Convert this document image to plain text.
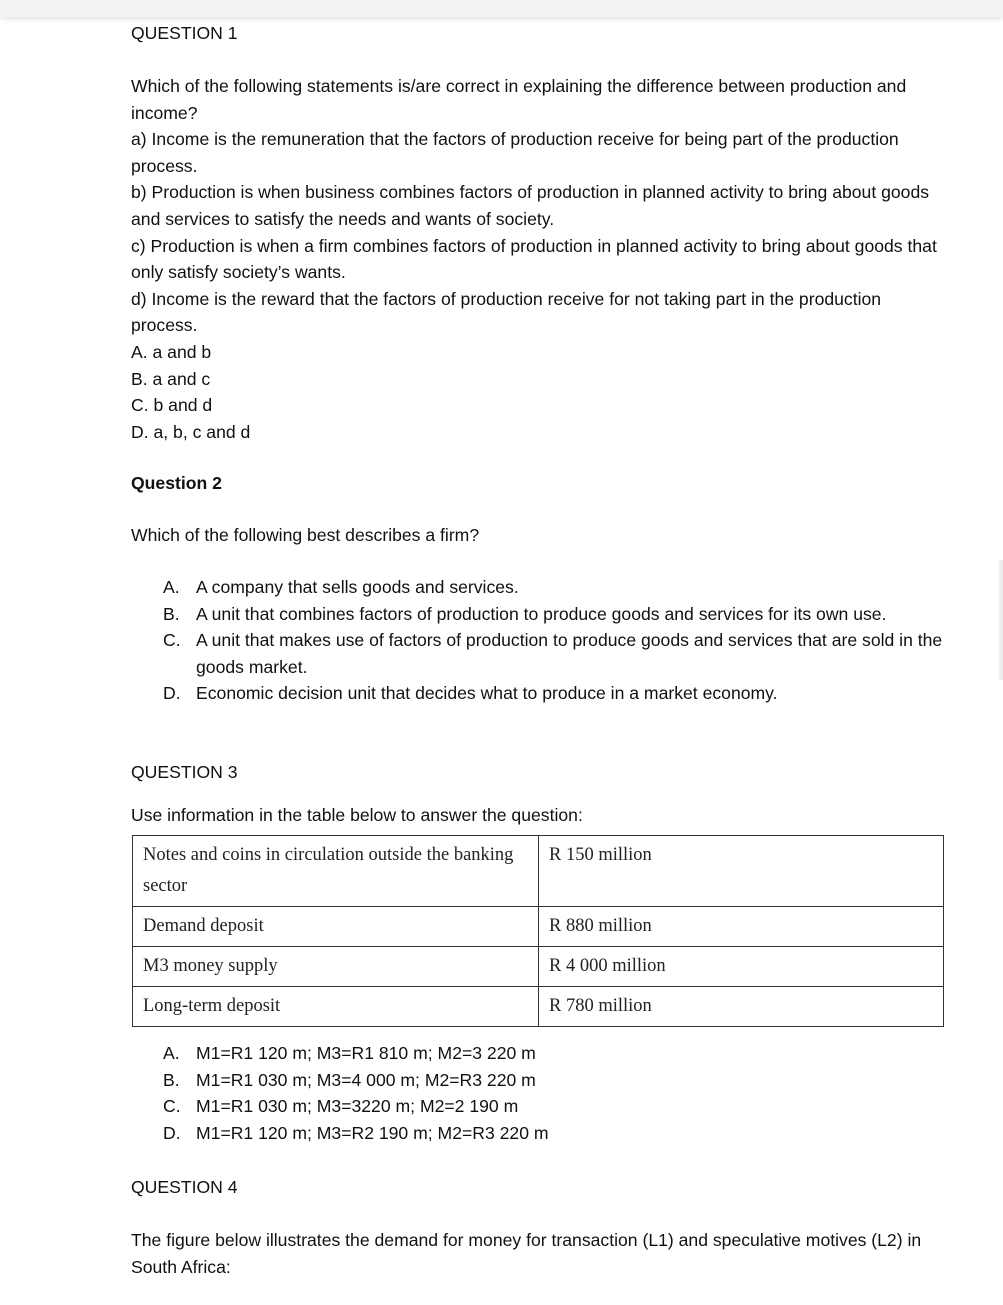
QUESTION 1
Which of the following statements is/are correct in explaining the difference between production and income?
a) Income is the remuneration that the factors of production receive for being part of the production process.
b) Production is when business combines factors of production in planned activity to bring about goods and services to satisfy the needs and wants of society.
c) Production is when a firm combines factors of production in planned activity to bring about goods that only satisfy society’s wants.
d) Income is the reward that the factors of production receive for not taking part in the production process.
A. a and b
B. a and c
C. b and d
D. a, b, c and d
Question 2
Which of the following best describes a firm?
A. A company that sells goods and services.
B. A unit that combines factors of production to produce goods and services for its own use.
C. A unit that makes use of factors of production to produce goods and services that are sold in the goods market.
D. Economic decision unit that decides what to produce in a market economy.
QUESTION 3
Use information in the table below to answer the question:
Notes and coins in circulation outside the banking sector	R 150 million
Demand deposit	R 880 million
M3 money supply	R 4 000 million
Long-term deposit	R 780 million
A. M1=R1 120 m; M3=R1 810 m; M2=3 220 m
B. M1=R1 030 m; M3=4 000 m; M2=R3 220 m
C. M1=R1 030 m; M3=3220 m; M2=2 190 m
D. M1=R1 120 m; M3=R2 190 m; M2=R3 220 m
QUESTION 4
The figure below illustrates the demand for money for transaction (L1) and speculative motives (L2) in South Africa:
